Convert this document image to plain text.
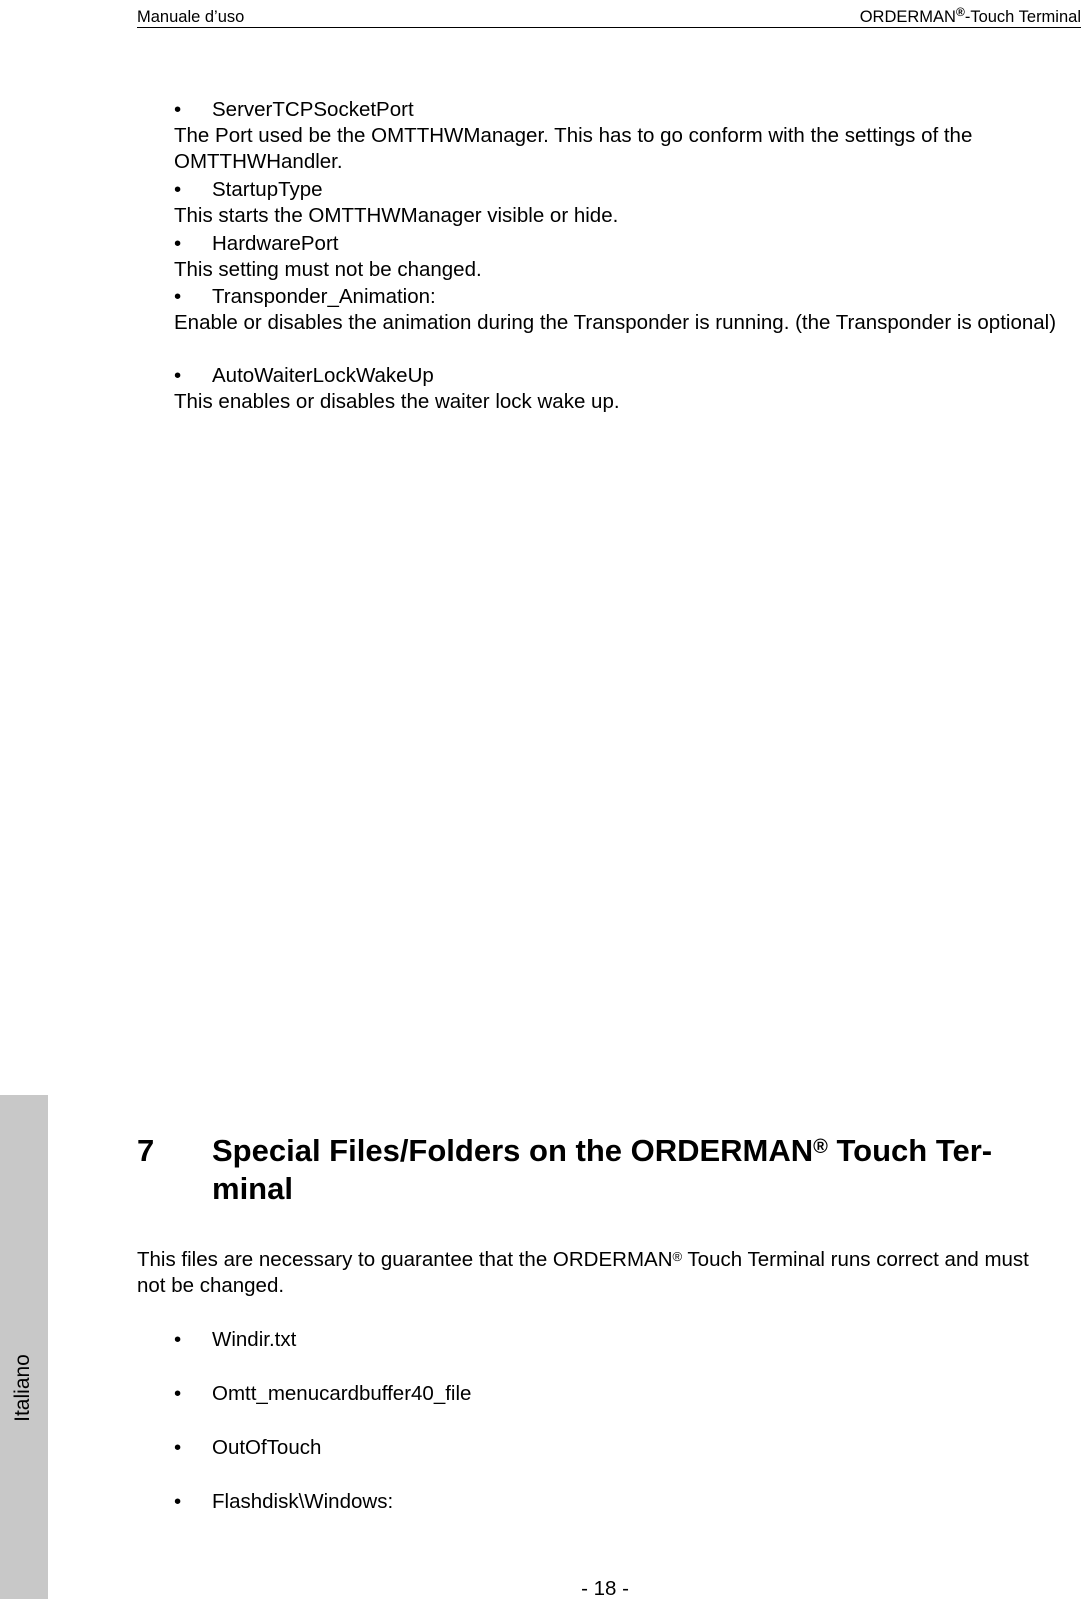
Manuale d’uso	ORDERMAN®-Touch Terminal
Italiano
• ServerTCPSocketPort
The Port used be the OMTTHWManager. This has to go conform with the settings of the OMTTHWHandler.
• StartupType
This starts the OMTTHWManager visible or hide.
• HardwarePort
This setting must not be changed.
• Transponder_Animation:
Enable or disables the animation during the Transponder is running. (the Transponder is optional)
• AutoWaiterLockWakeUp
This enables or disables the waiter lock wake up.
7 Special Files/Folders on the ORDERMAN® Touch Ter-minal
This files are necessary to guarantee that the ORDERMAN® Touch Terminal runs correct and must not be changed.
• Windir.txt
• Omtt_menucardbuffer40_file
• OutOfTouch
• Flashdisk\Windows:
- 18 -
